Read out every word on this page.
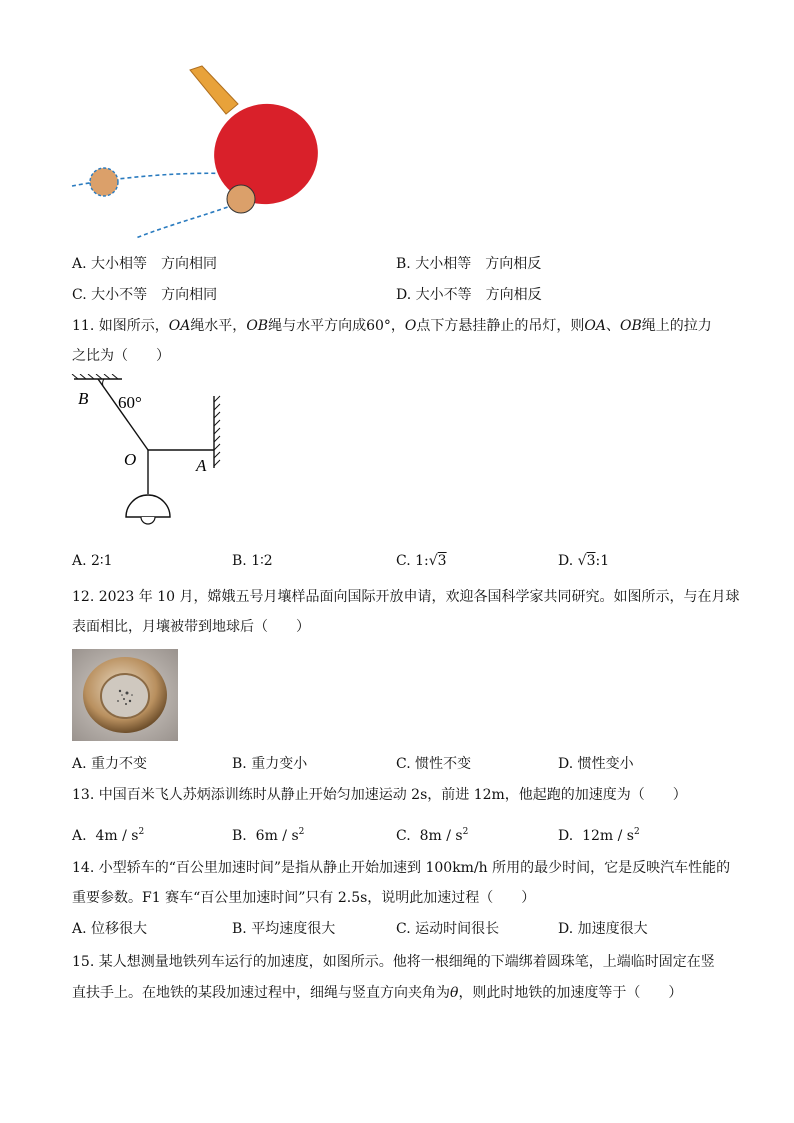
A. 大小相等　方向相同	B. 大小相等　方向相反
C. 大小不等　方向相同	D. 大小不等　方向相反
11. 如图所示，OA绳水平，OB绳与水平方向成60°，O点下方悬挂静止的吊灯，则OA、OB绳上的拉力
之比为（　　）
B 60°
O	A
A. 2∶1	B. 1∶2	C. 1:√3	D. √3:1
12. 2023 年 10 月，嫦娥五号月壤样品面向国际开放申请，欢迎各国科学家共同研究。如图所示，与在月球
表面相比，月壤被带到地球后（　　）
A. 重力不变	B. 重力变小	C. 惯性不变	D. 惯性变小
13. 中国百米飞人苏炳添训练时从静止开始匀加速运动 2s，前进 12m，他起跑的加速度为（　　）
A. $4m / s^2$	B. $6m / s^2$	C. $8m / s^2$	D. $12m / s^2$
14. 小型轿车的“百公里加速时间”是指从静止开始加速到 100km/h 所用的最少时间，它是反映汽车性能的
重要参数。F1 赛车“百公里加速时间”只有 2.5s，说明此加速过程（　　）
A. 位移很大	B. 平均速度很大	C. 运动时间很长	D. 加速度很大
15. 某人想测量地铁列车运行的加速度，如图所示。他将一根细绳的下端绑着圆珠笔，上端临时固定在竖
直扶手上。在地铁的某段加速过程中，细绳与竖直方向夹角为θ，则此时地铁的加速度等于（　　）
